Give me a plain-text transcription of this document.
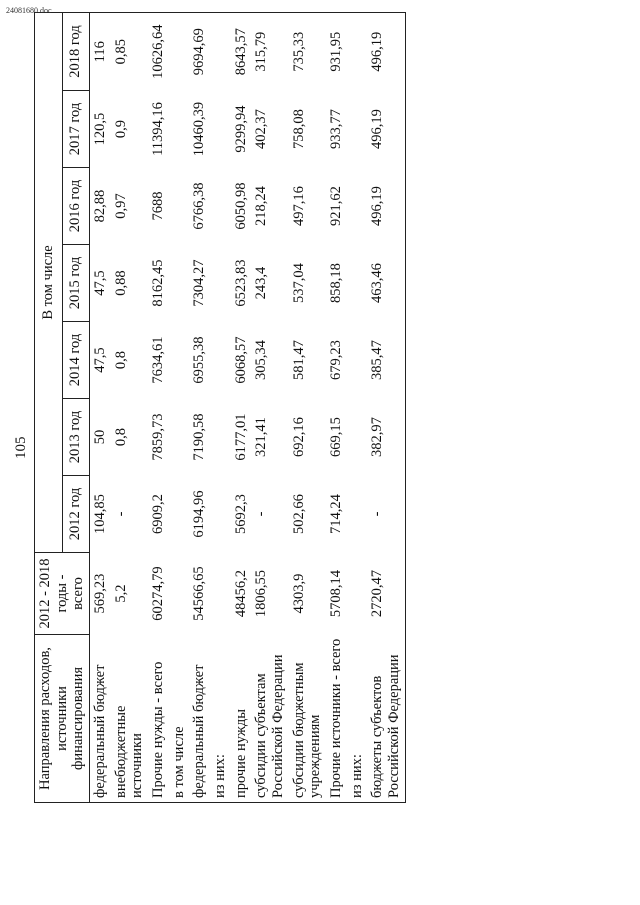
105
Направления расходов, источники финансирования	2012 - 2018 годы - всего	В том числе						
		2012 год	2013 год	2014 год	2015 год	2016 год	2017 год	2018 год
федеральный бюджет	569,23	104,85	50	47,5	47,5	82,88	120,5	116
внебюджетные источники	5,2	-	0,8	0,8	0,88	0,97	0,9	0,85
Прочие нужды - всего	60274,79	6909,2	7859,73	7634,61	8162,45	7688	11394,16	10626,64
в том числе								
федеральный бюджет	54566,65	6194,96	7190,58	6955,38	7304,27	6766,38	10460,39	9694,69
из них:								
прочие нужды	48456,2	5692,3	6177,01	6068,57	6523,83	6050,98	9299,94	8643,57
субсидии субъектам Российской Федерации	1806,55	-	321,41	305,34	243,4	218,24	402,37	315,79
субсидии бюджетным учреждениям	4303,9	502,66	692,16	581,47	537,04	497,16	758,08	735,33
Прочие источники - всего	5708,14	714,24	669,15	679,23	858,18	921,62	933,77	931,95
из них:								
бюджеты субъектов Российской Федерации	2720,47	-	382,97	385,47	463,46	496,19	496,19	496,19
24081680.doc
